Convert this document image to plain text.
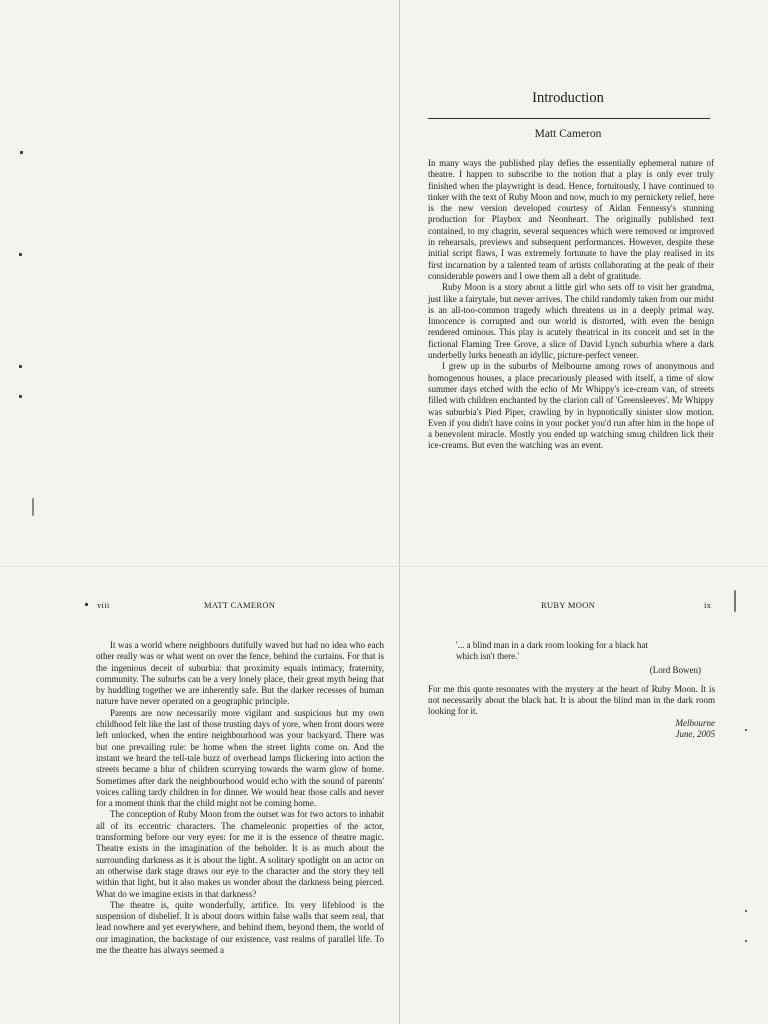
Introduction
Matt Cameron

In many ways the published play defies the essentially ephemeral nature of theatre. I happen to subscribe to the notion that a play is only ever truly finished when the playwright is dead. Hence, fortuitously, I have continued to tinker with the text of Ruby Moon and now, much to my pernickety relief, here is the new version developed courtesy of Aidan Fennessy's stunning production for Playbox and Neonheart. The originally published text contained, to my chagrin, several sequences which were removed or improved in rehearsals, previews and subsequent performances. However, despite these initial script flaws, I was extremely fortunate to have the play realised in its first incarnation by a talented team of artists collaborating at the peak of their considerable powers and I owe them all a debt of gratitude.

Ruby Moon is a story about a little girl who sets off to visit her grandma, just like a fairytale, but never arrives. The child randomly taken from our midst is an all-too-common tragedy which threatens us in a deeply primal way. Innocence is corrupted and our world is distorted, with even the benign rendered ominous. This play is acutely theatrical in its conceit and set in the fictional Flaming Tree Grove, a slice of David Lynch suburbia where a dark underbelly lurks beneath an idyllic, picture-perfect veneer.

I grew up in the suburbs of Melbourne among rows of anonymous and homogenous houses, a place precariously pleased with itself, a time of slow summer days etched with the echo of Mr Whippy's ice-cream van, of streets filled with children enchanted by the clarion call of 'Greensleeves'. Mr Whippy was suburbia's Pied Piper, crawling by in hypnotically sinister slow motion. Even if you didn't have coins in your pocket you'd run after him in the hope of a benevolent miracle. Mostly you ended up watching smug children lick their ice-creams. But even the watching was an event.

viii	MATT CAMERON

It was a world where neighbours dutifully waved but had no idea who each other really was or what went on over the fence, behind the curtains. For that is the ingenious deceit of suburbia: that proximity equals intimacy, fraternity, community. The suburbs can be a very lonely place, their great myth being that by huddling together we are inherently safe. But the darker recesses of human nature have never operated on a geographic principle.

Parents are now necessarily more vigilant and suspicious but my own childhood felt like the last of those trusting days of yore, when front doors were left unlocked, when the entire neighbourhood was your backyard. There was but one prevailing rule: be home when the street lights come on. And the instant we heard the tell-tale buzz of overhead lamps flickering into action the streets became a blur of children scurrying towards the warm glow of home. Sometimes after dark the neighbourhood would echo with the sound of parents' voices calling tardy children in for dinner. We would hear those calls and never for a moment think that the child might not be coming home.

The conception of Ruby Moon from the outset was for two actors to inhabit all of its eccentric characters. The chameleonic properties of the actor, transforming before our very eyes: for me it is the essence of theatre magic. Theatre exists in the imagination of the beholder. It is as much about the surrounding darkness as it is about the light. A solitary spotlight on an actor on an otherwise dark stage draws our eye to the character and the story they tell within that light, but it also makes us wonder about the darkness being pierced. What do we imagine exists in that darkness?

The theatre is, quite wonderfully, artifice. Its very lifeblood is the suspension of disbelief. It is about doors within false walls that seem real, that lead nowhere and yet everywhere, and behind them, beyond them, the world of our imagination, the backstage of our existence, vast realms of parallel life. To me the theatre has always seemed a

RUBY MOON	ix

'... a blind man in a dark room looking for a black hat

which isn't there.'

(Lord Bowen)

For me this quote resonates with the mystery at the heart of Ruby Moon. It is not necessarily about the black hat. It is about the blind man in the dark room looking for it.

Melbourne

June, 2005
